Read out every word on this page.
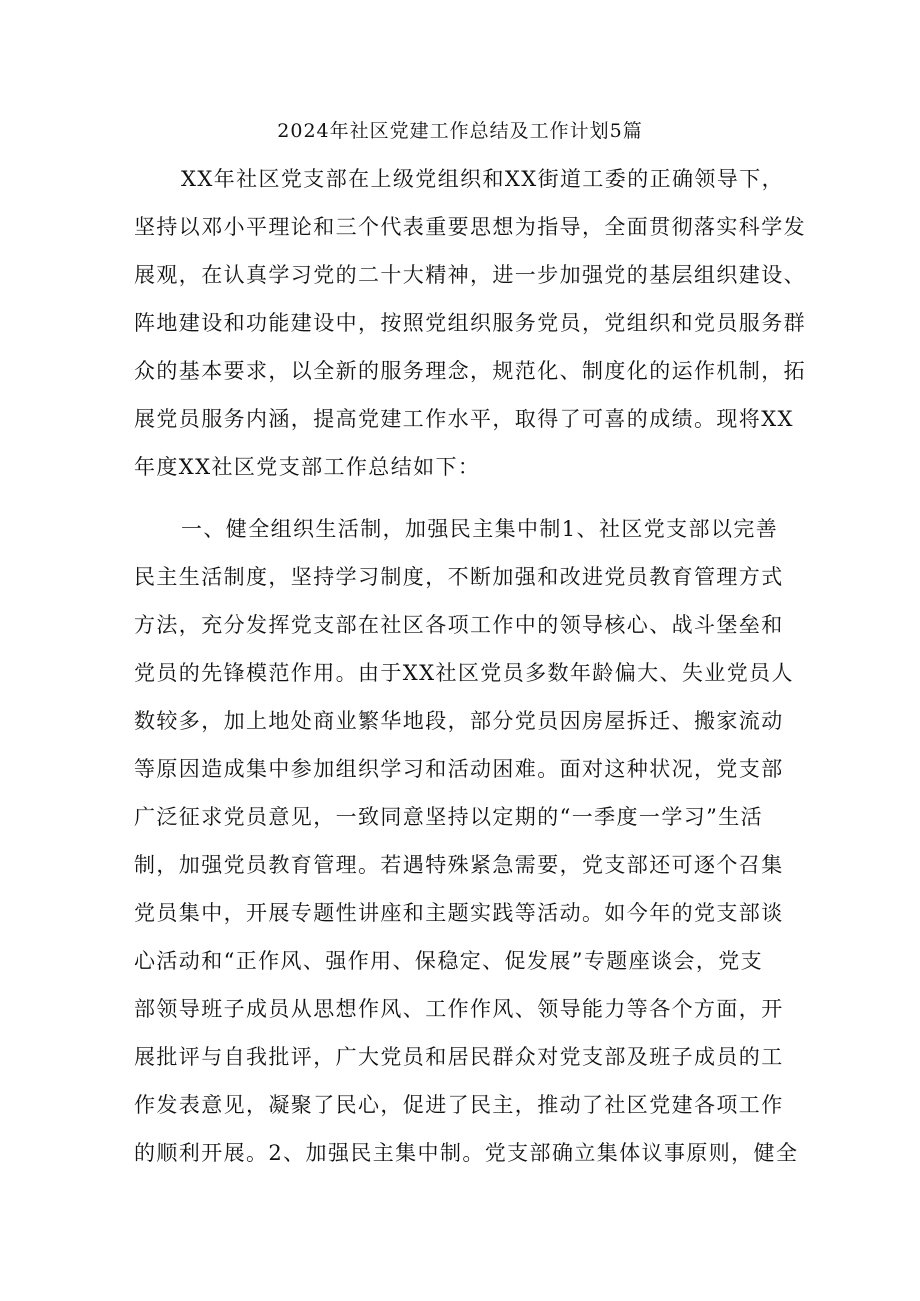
2024年社区党建工作总结及工作计划5篇
XX年社区党支部在上级党组织和XX街道工委的正确领导下，
坚持以邓小平理论和三个代表重要思想为指导，全面贯彻落实科学发
展观，在认真学习党的二十大精神，进一步加强党的基层组织建设、
阵地建设和功能建设中，按照党组织服务党员，党组织和党员服务群
众的基本要求，以全新的服务理念，规范化、制度化的运作机制，拓
展党员服务内涵，提高党建工作水平，取得了可喜的成绩。现将XX
年度XX社区党支部工作总结如下：
一、健全组织生活制，加强民主集中制1、社区党支部以完善
民主生活制度，坚持学习制度，不断加强和改进党员教育管理方式
方法，充分发挥党支部在社区各项工作中的领导核心、战斗堡垒和
党员的先锋模范作用。由于XX社区党员多数年龄偏大、失业党员人
数较多，加上地处商业繁华地段，部分党员因房屋拆迁、搬家流动
等原因造成集中参加组织学习和活动困难。面对这种状况，党支部
广泛征求党员意见，一致同意坚持以定期的“一季度一学习”生活
制，加强党员教育管理。若遇特殊紧急需要，党支部还可逐个召集
党员集中，开展专题性讲座和主题实践等活动。如今年的党支部谈
心活动和“正作风、强作用、保稳定、促发展”专题座谈会，党支
部领导班子成员从思想作风、工作作风、领导能力等各个方面，开
展批评与自我批评，广大党员和居民群众对党支部及班子成员的工
作发表意见，凝聚了民心，促进了民主，推动了社区党建各项工作
的顺利开展。2、加强民主集中制。党支部确立集体议事原则，健全
